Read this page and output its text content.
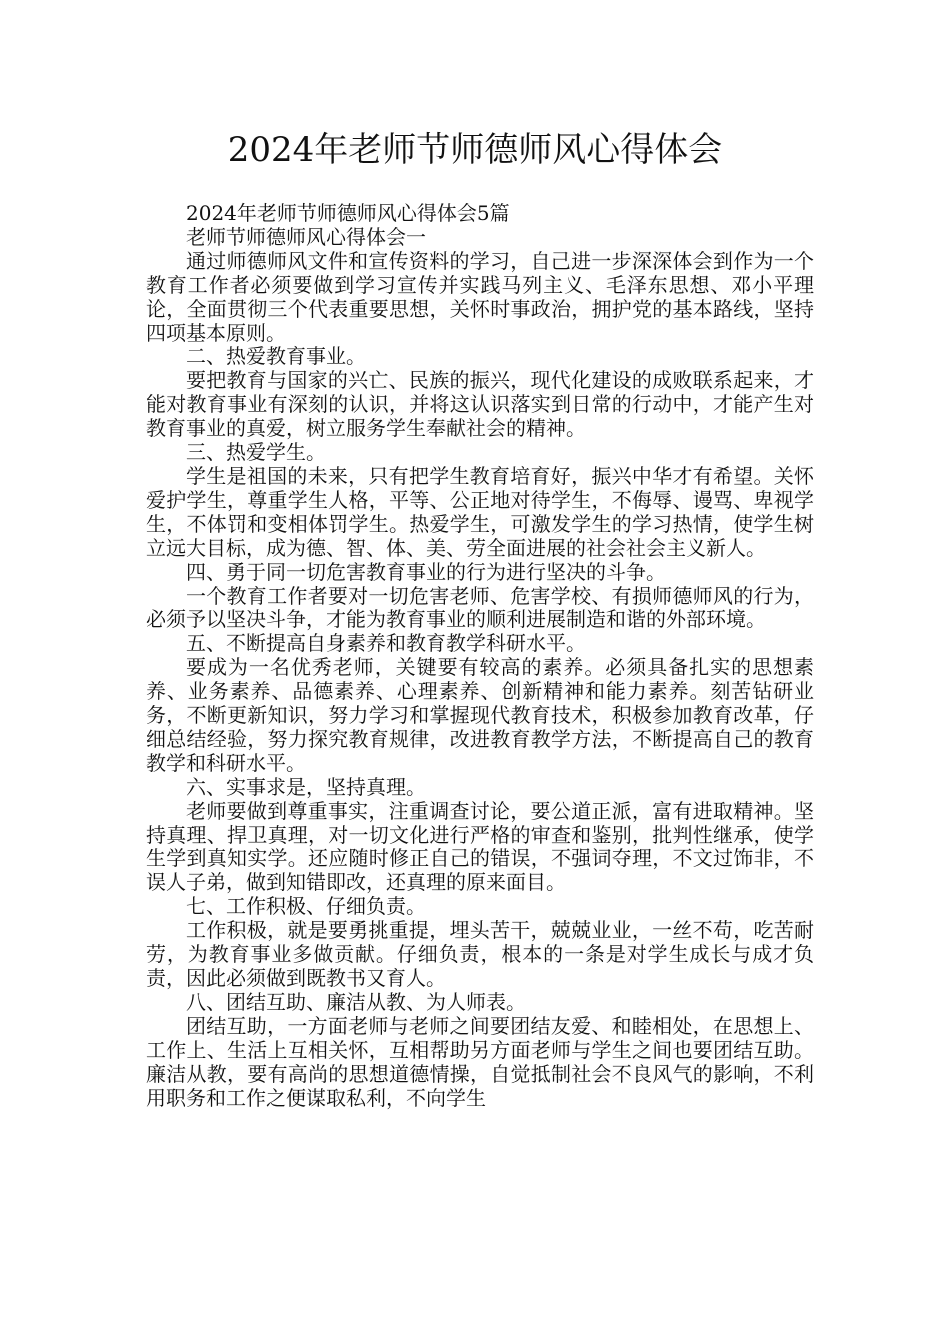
2024年老师节师德师风心得体会

2024年老师节师德师风心得体会5篇

老师节师德师风心得体会一

通过师德师风文件和宣传资料的学习，自己进一步深深体会到作为一个教育工作者必须要做到学习宣传并实践马列主义、毛泽东思想、邓小平理论，全面贯彻三个代表重要思想，关怀时事政治，拥护党的基本路线，坚持四项基本原则。

二、热爱教育事业。

要把教育与国家的兴亡、民族的振兴，现代化建设的成败联系起来，才能对教育事业有深刻的认识，并将这认识落实到日常的行动中，才能产生对教育事业的真爱，树立服务学生奉献社会的精神。

三、热爱学生。

学生是祖国的未来，只有把学生教育培育好，振兴中华才有希望。关怀爱护学生，尊重学生人格，平等、公正地对待学生，不侮辱、谩骂、卑视学生，不体罚和变相体罚学生。热爱学生，可激发学生的学习热情，使学生树立远大目标，成为德、智、体、美、劳全面进展的社会社会主义新人。

四、勇于同一切危害教育事业的行为进行坚决的斗争。

一个教育工作者要对一切危害老师、危害学校、有损师德师风的行为，必须予以坚决斗争，才能为教育事业的顺利进展制造和谐的外部环境。

五、不断提高自身素养和教育教学科研水平。

要成为一名优秀老师，关键要有较高的素养。必须具备扎实的思想素养、业务素养、品德素养、心理素养、创新精神和能力素养。刻苦钻研业务，不断更新知识，努力学习和掌握现代教育技术，积极参加教育改革，仔细总结经验，努力探究教育规律，改进教育教学方法，不断提高自己的教育教学和科研水平。

六、实事求是，坚持真理。

老师要做到尊重事实，注重调查讨论，要公道正派，富有进取精神。坚持真理、捍卫真理，对一切文化进行严格的审查和鉴别，批判性继承，使学生学到真知实学。还应随时修正自己的错误，不强词夺理，不文过饰非，不误人子弟，做到知错即改，还真理的原来面目。

七、工作积极、仔细负责。

工作积极，就是要勇挑重提，埋头苦干，兢兢业业，一丝不苟，吃苦耐劳，为教育事业多做贡献。仔细负责，根本的一条是对学生成长与成才负责，因此必须做到既教书又育人。

八、团结互助、廉洁从教、为人师表。

团结互助，一方面老师与老师之间要团结友爱、和睦相处，在思想上、工作上、生活上互相关怀，互相帮助另方面老师与学生之间也要团结互助。廉洁从教，要有高尚的思想道德情操，自觉抵制社会不良风气的影响，不利用职务和工作之便谋取私利，不向学生
